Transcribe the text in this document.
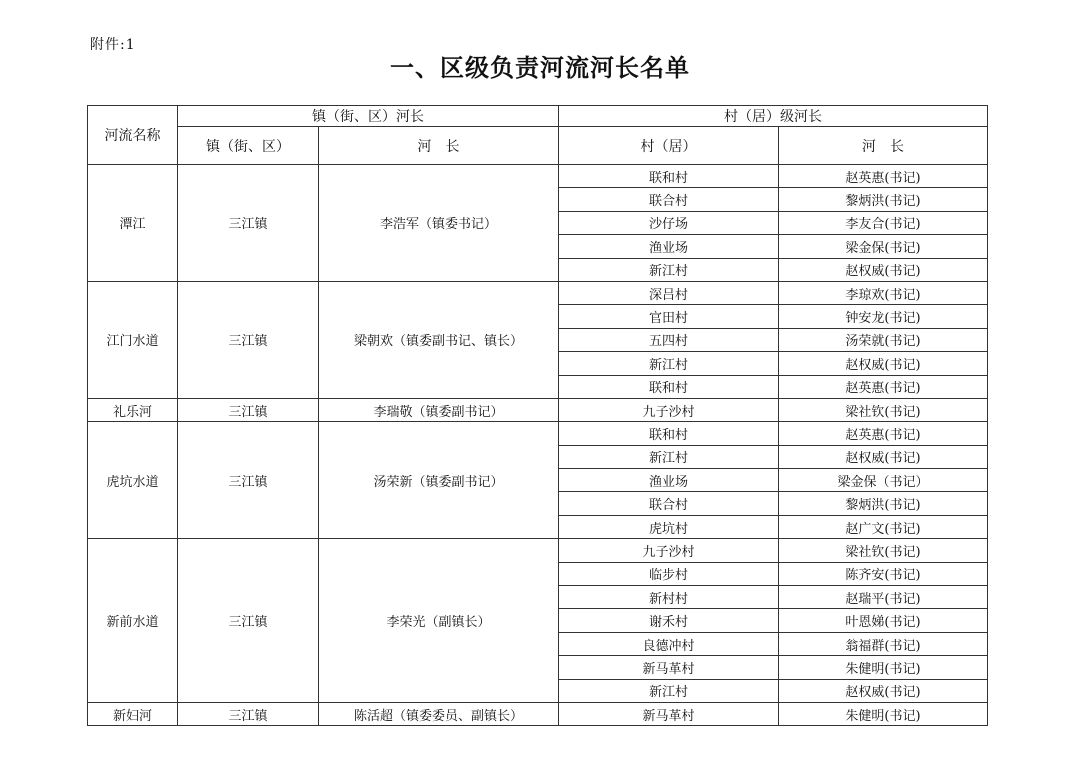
附件:1
一、区级负责河流河长名单
河流名称	镇（街、区）河长		村（居）级河长	
	镇（街、区）	河　长	村（居）	河　长
潭江	三江镇	李浩军（镇委书记）	联和村	赵英惠(书记)
			联合村	黎炳洪(书记)
			沙仔场	李友合(书记)
			渔业场	梁金保(书记)
			新江村	赵权威(书记)
江门水道	三江镇	梁朝欢（镇委副书记、镇长）	深吕村	李琼欢(书记)
			官田村	钟安龙(书记)
			五四村	汤荣就(书记)
			新江村	赵权威(书记)
			联和村	赵英惠(书记)
礼乐河	三江镇	李瑞敬（镇委副书记）	九子沙村	梁社钦(书记)
虎坑水道	三江镇	汤荣新（镇委副书记）	联和村	赵英惠(书记)
			新江村	赵权威(书记)
			渔业场	梁金保（书记）
			联合村	黎炳洪(书记)
			虎坑村	赵广文(书记)
新前水道	三江镇	李荣光（副镇长）	九子沙村	梁社钦(书记)
			临步村	陈齐安(书记)
			新村村	赵瑞平(书记)
			谢禾村	叶恩娣(书记)
			良德冲村	翁福群(书记)
			新马革村	朱健明(书记)
			新江村	赵权威(书记)
新妇河	三江镇	陈活超（镇委委员、副镇长）	新马革村	朱健明(书记)
